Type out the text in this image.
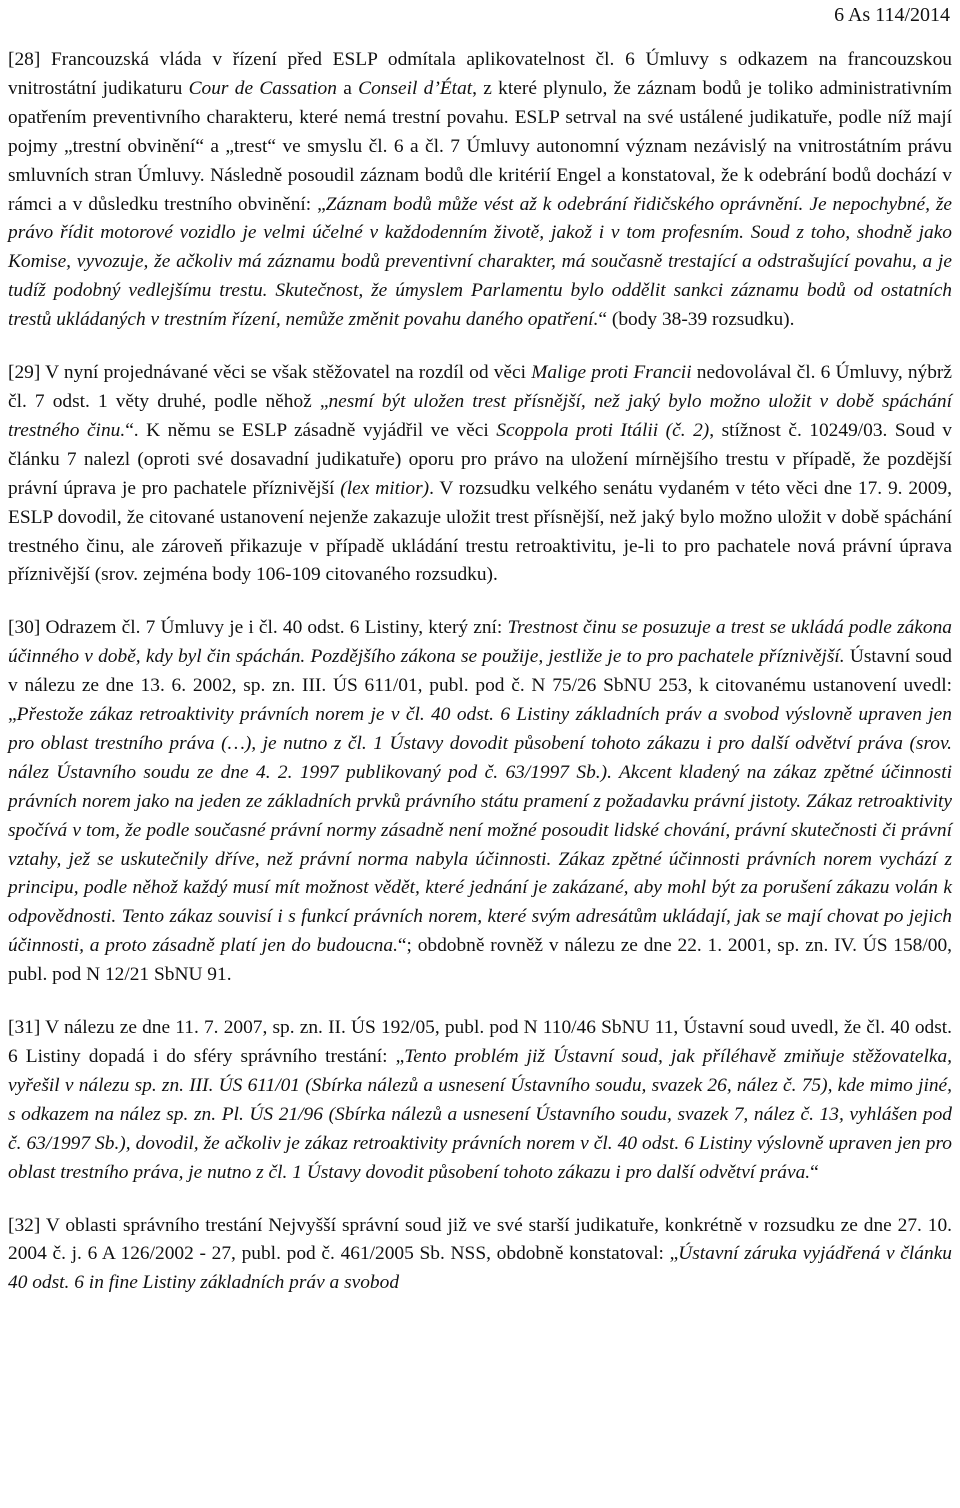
6 As 114/2014

[28] Francouzská vláda v řízení před ESLP odmítala aplikovatelnost čl. 6 Úmluvy s odkazem na francouzskou vnitrostátní judikaturu Cour de Cassation a Conseil d’État, z které plynulo, že záznam bodů je toliko administrativním opatřením preventivního charakteru, které nemá trestní povahu. ESLP setrval na své ustálené judikatuře, podle níž mají pojmy „trestní obvinění“ a „trest“ ve smyslu čl. 6 a čl. 7 Úmluvy autonomní význam nezávislý na vnitrostátním právu smluvních stran Úmluvy. Následně posoudil záznam bodů dle kritérií Engel a konstatoval, že k odebrání bodů dochází v rámci a v důsledku trestního obvinění: „Záznam bodů může vést až k odebrání řidičského oprávnění. Je nepochybné, že právo řídit motorové vozidlo je velmi účelné v každodenním životě, jakož i v tom profesním. Soud z toho, shodně jako Komise, vyvozuje, že ačkoliv má záznamu bodů preventivní charakter, má současně trestající a odstrašující povahu, a je tudíž podobný vedlejšímu trestu. Skutečnost, že úmyslem Parlamentu bylo oddělit sankci záznamu bodů od ostatních trestů ukládaných v trestním řízení, nemůže změnit povahu daného opatření.“ (body 38-39 rozsudku).

[29] V nyní projednávané věci se však stěžovatel na rozdíl od věci Malige proti Francii nedovolával čl. 6 Úmluvy, nýbrž čl. 7 odst. 1 věty druhé, podle něhož „nesmí být uložen trest přísnější, než jaký bylo možno uložit v době spáchání trestného činu.“. K němu se ESLP zásadně vyjádřil ve věci Scoppola proti Itálii (č. 2), stížnost č. 10249/03. Soud v článku 7 nalezl (oproti své dosavadní judikatuře) oporu pro právo na uložení mírnějšího trestu v případě, že pozdější právní úprava je pro pachatele příznivější (lex mitior). V rozsudku velkého senátu vydaném v této věci dne 17. 9. 2009, ESLP dovodil, že citované ustanovení nejenže zakazuje uložit trest přísnější, než jaký bylo možno uložit v době spáchání trestného činu, ale zároveň přikazuje v případě ukládání trestu retroaktivitu, je-li to pro pachatele nová právní úprava příznivější (srov. zejména body 106-109 citovaného rozsudku).

[30] Odrazem čl. 7 Úmluvy je i čl. 40 odst. 6 Listiny, který zní: Trestnost činu se posuzuje a trest se ukládá podle zákona účinného v době, kdy byl čin spáchán. Pozdějšího zákona se použije, jestliže je to pro pachatele příznivější. Ústavní soud v nálezu ze dne 13. 6. 2002, sp. zn. III. ÚS 611/01, publ. pod č. N 75/26 SbNU 253, k citovanému ustanovení uvedl: „Přestože zákaz retroaktivity právních norem je v čl. 40 odst. 6 Listiny základních práv a svobod výslovně upraven jen pro oblast trestního práva (…), je nutno z čl. 1 Ústavy dovodit působení tohoto zákazu i pro další odvětví práva (srov. nález Ústavního soudu ze dne 4. 2. 1997 publikovaný pod č. 63/1997 Sb.). Akcent kladený na zákaz zpětné účinnosti právních norem jako na jeden ze základních prvků právního státu pramení z požadavku právní jistoty. Zákaz retroaktivity spočívá v tom, že podle současné právní normy zásadně není možné posoudit lidské chování, právní skutečnosti či právní vztahy, jež se uskutečnily dříve, než právní norma nabyla účinnosti. Zákaz zpětné účinnosti právních norem vychází z principu, podle něhož každý musí mít možnost vědět, které jednání je zakázané, aby mohl být za porušení zákazu volán k odpovědnosti. Tento zákaz souvisí i s funkcí právních norem, které svým adresátům ukládají, jak se mají chovat po jejich účinnosti, a proto zásadně platí jen do budoucna.“; obdobně rovněž v nálezu ze dne 22. 1. 2001, sp. zn. IV. ÚS 158/00, publ. pod N 12/21 SbNU 91.

[31] V nálezu ze dne 11. 7. 2007, sp. zn. II. ÚS 192/05, publ. pod N 110/46 SbNU 11, Ústavní soud uvedl, že čl. 40 odst. 6 Listiny dopadá i do sféry správního trestání: „Tento problém již Ústavní soud, jak příléhavě zmiňuje stěžovatelka, vyřešil v nálezu sp. zn. III. ÚS 611/01 (Sbírka nálezů a usnesení Ústavního soudu, svazek 26, nález č. 75), kde mimo jiné, s odkazem na nález sp. zn. Pl. ÚS 21/96 (Sbírka nálezů a usnesení Ústavního soudu, svazek 7, nález č. 13, vyhlášen pod č. 63/1997 Sb.), dovodil, že ačkoliv je zákaz retroaktivity právních norem v čl. 40 odst. 6 Listiny výslovně upraven jen pro oblast trestního práva, je nutno z čl. 1 Ústavy dovodit působení tohoto zákazu i pro další odvětví práva.“

[32] V oblasti správního trestání Nejvyšší správní soud již ve své starší judikatuře, konkrétně v rozsudku ze dne 27. 10. 2004 č. j. 6 A 126/2002 - 27, publ. pod č. 461/2005 Sb. NSS, obdobně konstatoval: „Ústavní záruka vyjádřená v článku 40 odst. 6 in fine Listiny základních práv a svobod
